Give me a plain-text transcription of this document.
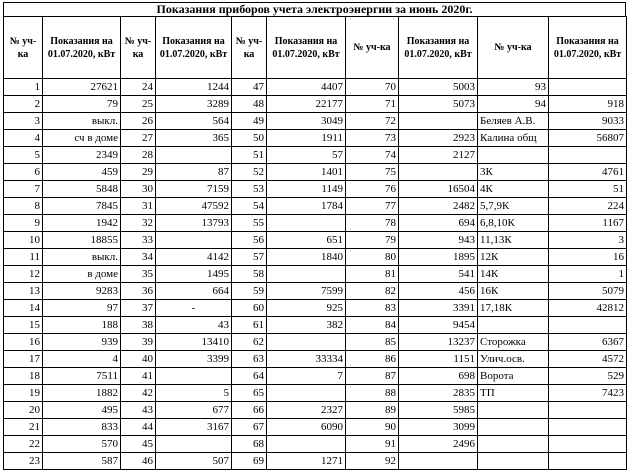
Показания приборов учета электроэнергии за июнь 2020г.
№ уч-ка	Показания на 01.07.2020, кВт	№ уч-ка	Показания на 01.07.2020, кВт	№ уч-ка	Показания на 01.07.2020, кВт	№ уч-ка	Показания на 01.07.2020, кВт	№ уч-ка	Показания на 01.07.2020, кВт
1	27621	24	1244	47	4407	70	5003	93	
2	79	25	3289	48	22177	71	5073	94	918
3	выкл.	26	564	49	3049	72		Беляев А.В.	9033
4	сч в доме	27	365	50	1911	73	2923	Калина общ	56807
5	2349	28		51	57	74	2127		
6	459	29	87	52	1401	75		3К	4761
7	5848	30	7159	53	1149	76	16504	4К	51
8	7845	31	47592	54	1784	77	2482	5,7,9К	224
9	1942	32	13793	55		78	694	6,8,10К	1167
10	18855	33		56	651	79	943	11,13К	3
11	выкл.	34	4142	57	1840	80	1895	12К	16
12	в доме	35	1495	58		81	541	14К	1
13	9283	36	664	59	7599	82	456	16К	5079
14	97	37	-	60	925	83	3391	17,18К	42812
15	188	38	43	61	382	84	9454		
16	939	39	13410	62		85	13237	Сторожка	6367
17	4	40	3399	63	33334	86	1151	Улич.осв.	4572
18	7511	41		64	7	87	698	Ворота	529
19	1882	42	5	65		88	2835	ТП	7423
20	495	43	677	66	2327	89	5985		
21	833	44	3167	67	6090	90	3099		
22	570	45		68		91	2496		
23	587	46	507	69	1271	92			
